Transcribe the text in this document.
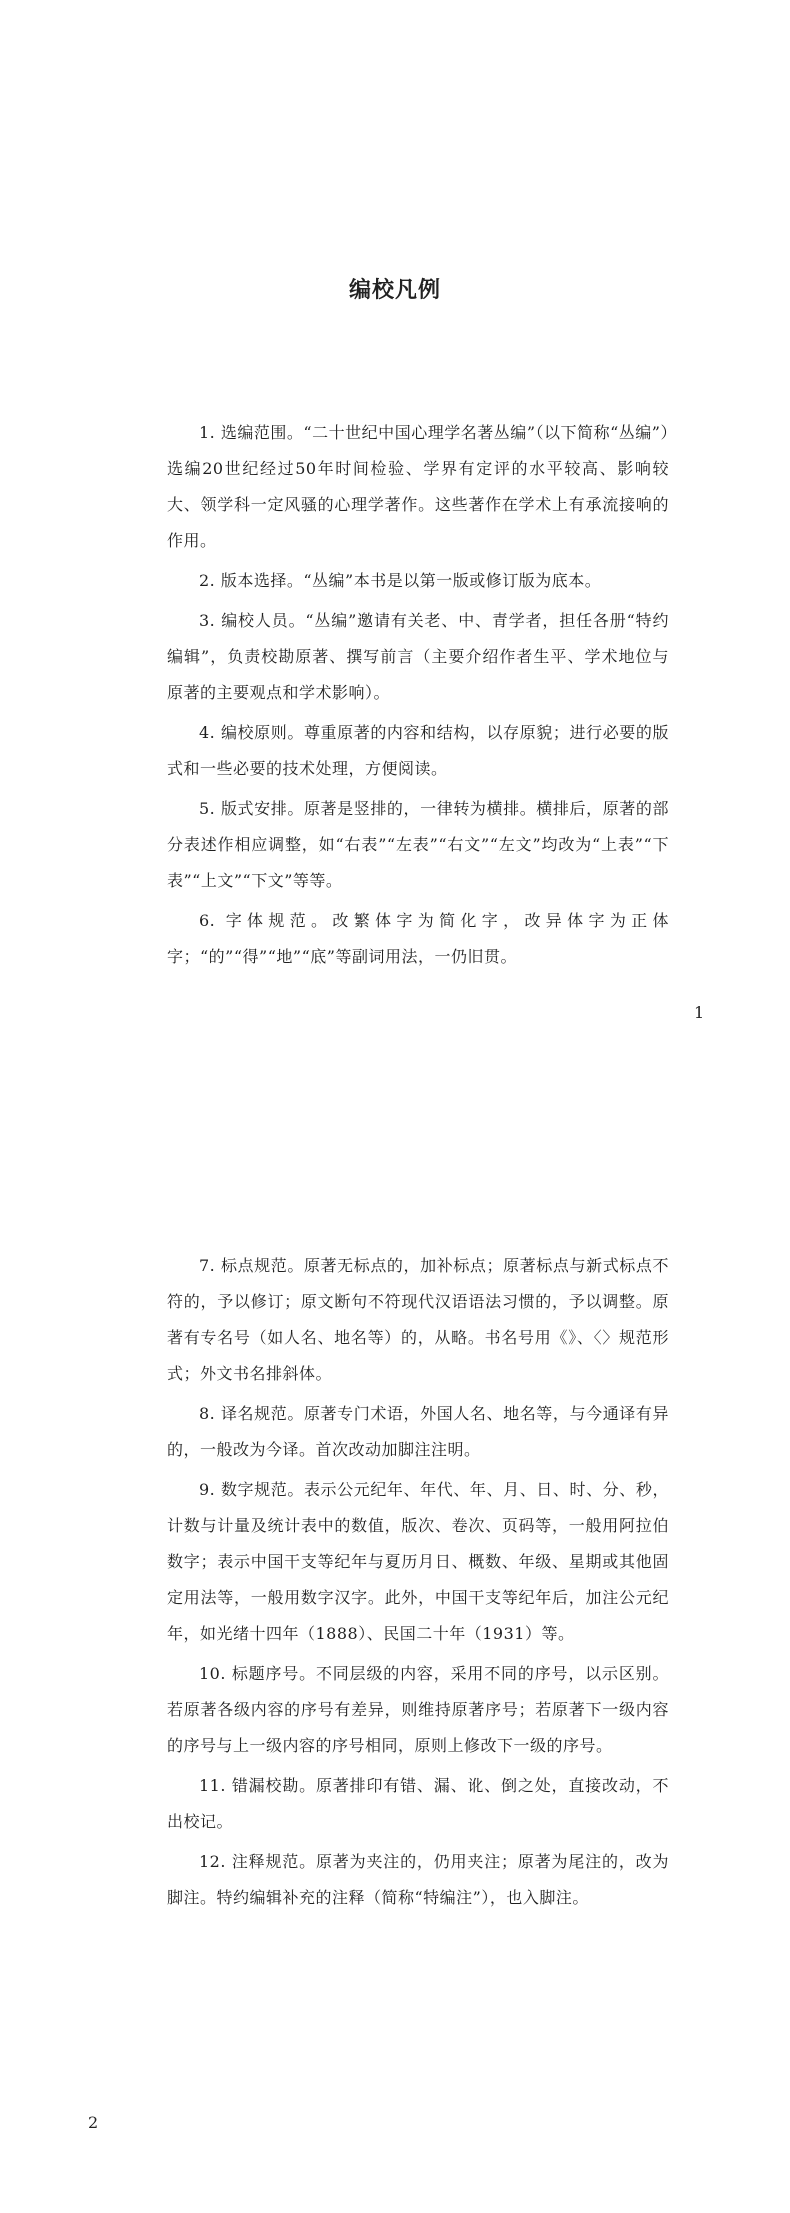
编校凡例

1. 选编范围。“二十世纪中国心理学名著丛编”（以下简称“丛编”）选编20世纪经过50年时间检验、学界有定评的水平较高、影响较大、领学科一定风骚的心理学著作。这些著作在学术上有承流接响的作用。

2. 版本选择。“丛编”本书是以第一版或修订版为底本。

3. 编校人员。“丛编”邀请有关老、中、青学者，担任各册“特约编辑”，负责校勘原著、撰写前言（主要介绍作者生平、学术地位与原著的主要观点和学术影响）。

4. 编校原则。尊重原著的内容和结构，以存原貌；进行必要的版式和一些必要的技术处理，方便阅读。

5. 版式安排。原著是竖排的，一律转为横排。横排后，原著的部分表述作相应调整，如“右表”“左表”“右文”“左文”均改为“上表”“下表”“上文”“下文”等等。

6. 字体规范。改繁体字为简化字，改异体字为正体字；“的”“得”“地”“底”等副词用法，一仍旧贯。

1

7. 标点规范。原著无标点的，加补标点；原著标点与新式标点不符的，予以修订；原文断句不符现代汉语语法习惯的，予以调整。原著有专名号（如人名、地名等）的，从略。书名号用《》、〈〉规范形式；外文书名排斜体。

8. 译名规范。原著专门术语，外国人名、地名等，与今通译有异的，一般改为今译。首次改动加脚注注明。

9. 数字规范。表示公元纪年、年代、年、月、日、时、分、秒，计数与计量及统计表中的数值，版次、卷次、页码等，一般用阿拉伯数字；表示中国干支等纪年与夏历月日、概数、年级、星期或其他固定用法等，一般用数字汉字。此外，中国干支等纪年后，加注公元纪年，如光绪十四年（1888）、民国二十年（1931）等。

10. 标题序号。不同层级的内容，采用不同的序号，以示区别。若原著各级内容的序号有差异，则维持原著序号；若原著下一级内容的序号与上一级内容的序号相同，原则上修改下一级的序号。

11. 错漏校勘。原著排印有错、漏、讹、倒之处，直接改动，不出校记。

12. 注释规范。原著为夹注的，仍用夹注；原著为尾注的，改为脚注。特约编辑补充的注释（简称“特编注”），也入脚注。

2
